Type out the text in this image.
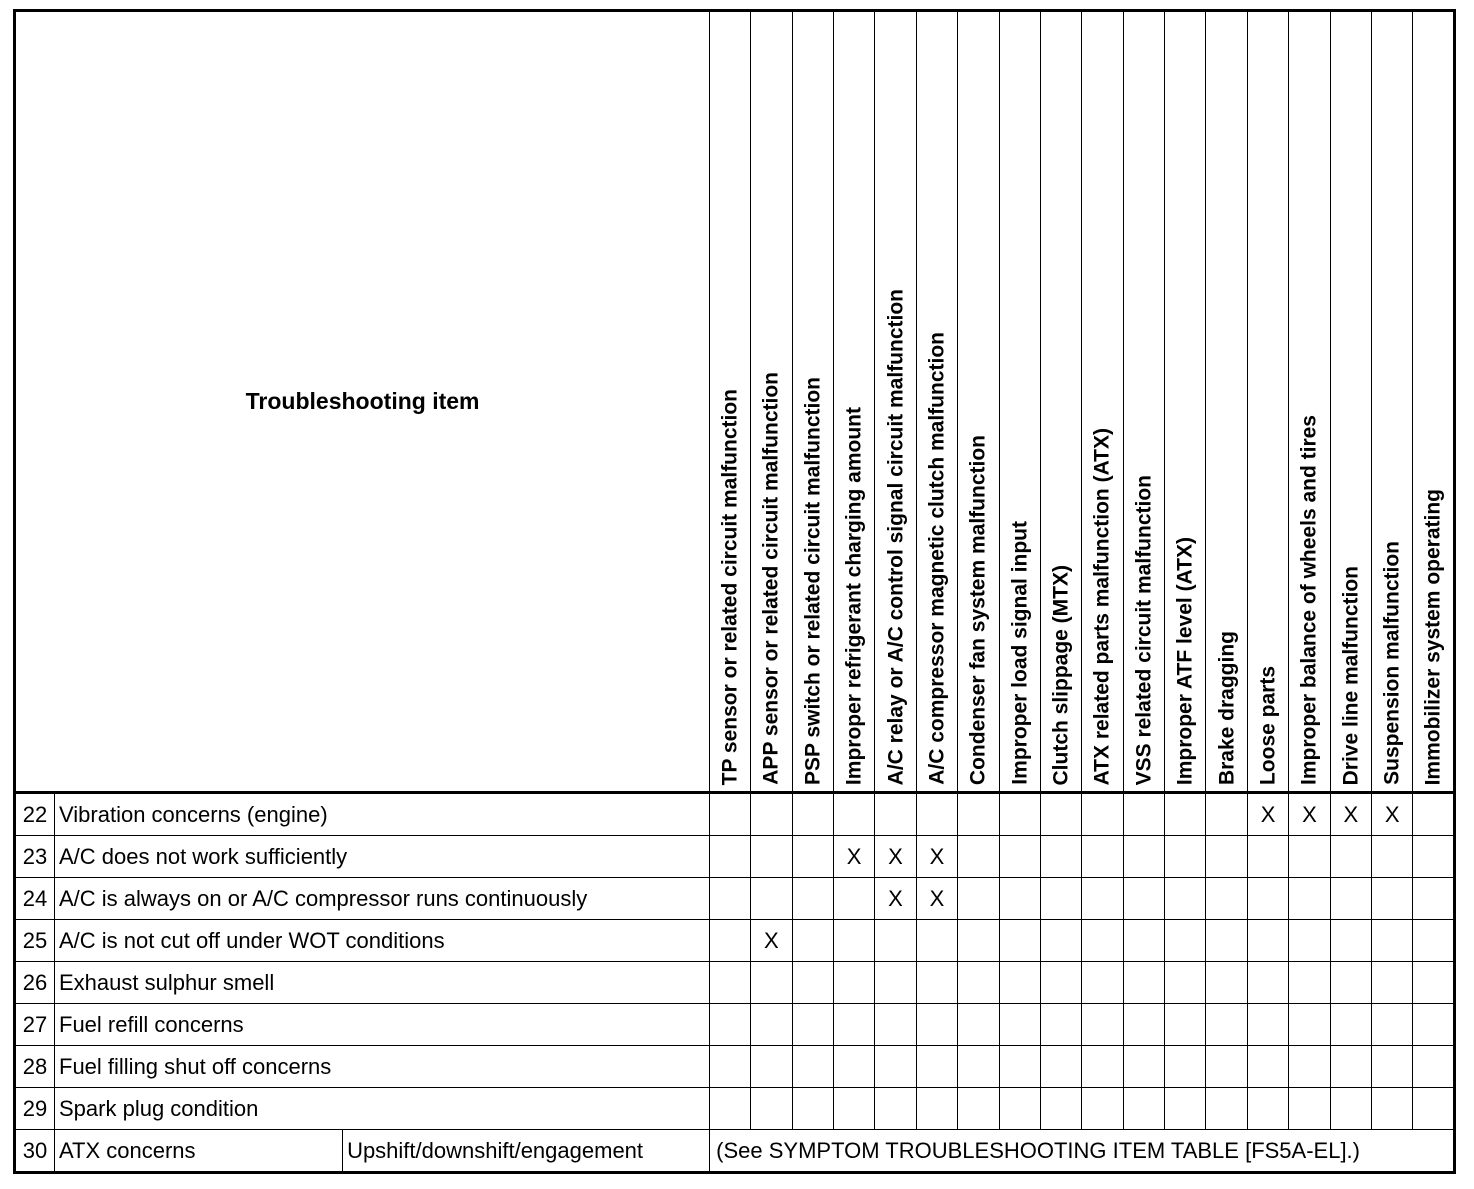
Troubleshooting item			TP sensor or related circuit malfunction	APP sensor or related circuit malfunction	PSP switch or related circuit malfunction	Improper refrigerant charging amount	A/C relay or A/C control signal circuit malfunction	A/C compressor magnetic clutch malfunction	Condenser fan system malfunction	Improper load signal input	Clutch slippage (MTX)	ATX related parts malfunction (ATX)	VSS related circuit malfunction	Improper ATF level (ATX)	Brake dragging	Loose parts	Improper balance of wheels and tires	Drive line malfunction	Suspension malfunction	Immobilizer system operating

22	Vibration concerns (engine)															X	X	X	X	
23	A/C does not work sufficiently					X	X	X												
24	A/C is always on or A/C compressor runs continuously						X	X												
25	A/C is not cut off under WOT conditions			X																
26	Exhaust sulphur smell																			
27	Fuel refill concerns																			
28	Fuel filling shut off concerns																			
29	Spark plug condition																			
30	ATX concerns	Upshift/downshift/engagement	(See SYMPTOM TROUBLESHOOTING ITEM TABLE [FS5A-EL].)																	
